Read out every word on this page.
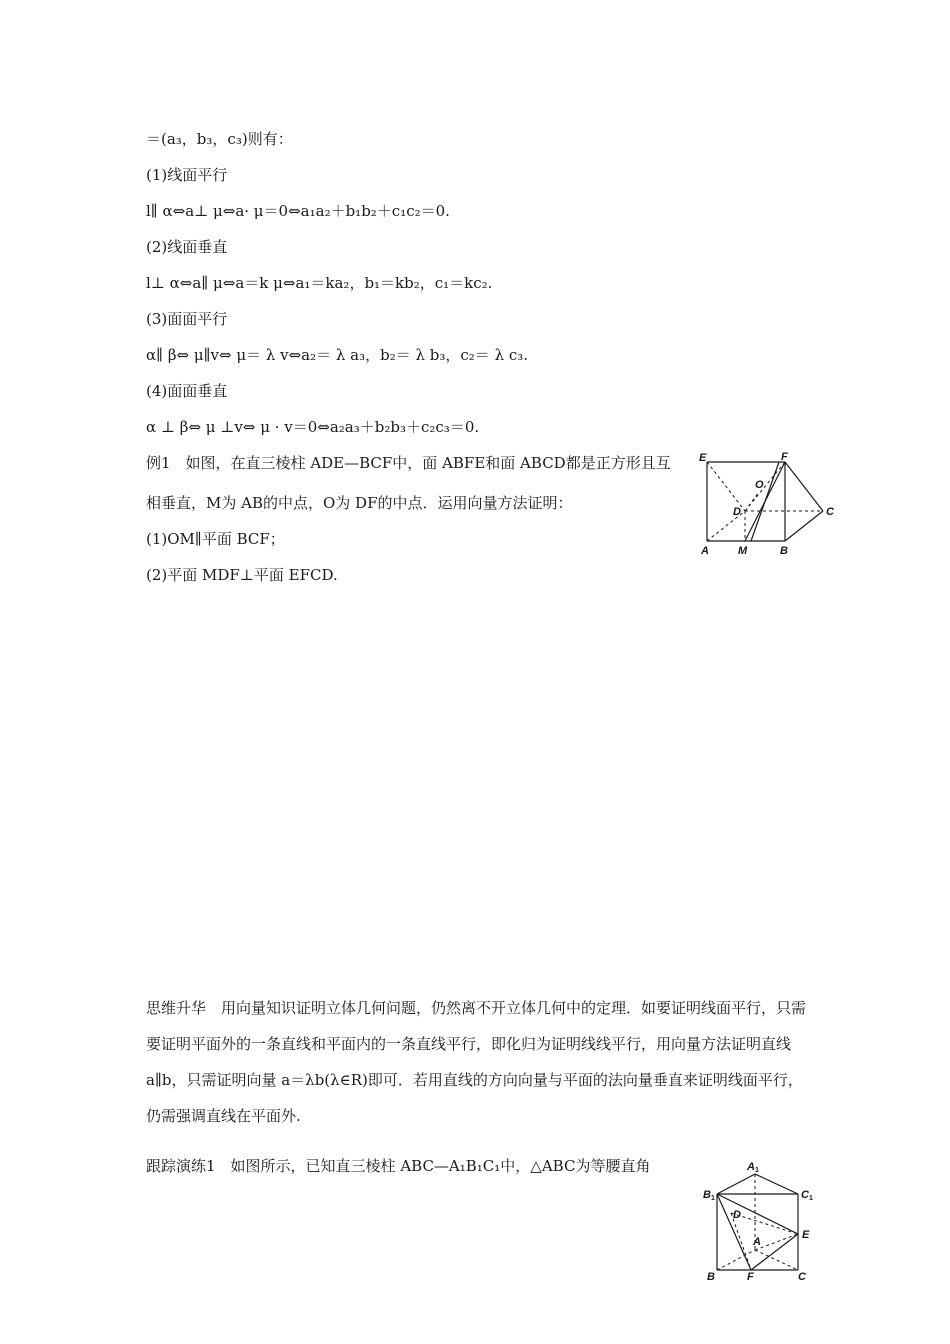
＝(a₃，b₃，c₃)则有：
(1)线面平行
l∥ α⇔a⊥ μ⇔a· μ＝0⇔a₁a₂＋b₁b₂＋c₁c₂＝0.
(2)线面垂直
l⊥ α⇔a∥ μ⇔a＝k μ⇔a₁＝ka₂，b₁＝kb₂，c₁＝kc₂.
(3)面面平行
α∥ β⇔ μ∥v⇔ μ＝ λ v⇔a₂＝ λ a₃，b₂＝ λ b₃，c₂＝ λ c₃.
(4)面面垂直
α ⊥ β⇔ μ ⊥v⇔ μ · v＝0⇔a₂a₃＋b₂b₃＋c₂c₃＝0.
例1　如图，在直三棱柱 ADE—BCF中，面 ABFE和面 ABCD都是正方形且互
相垂直，M为 AB的中点，O为 DF的中点．运用向量方法证明：
(1)OM∥平面 BCF；
(2)平面 MDF⊥平面 EFCD.
E	F
O
D	C
A	M	B
思维升华　用向量知识证明立体几何问题，仍然离不开立体几何中的定理．如要证明线面平行，只需要证明平面外的一条直线和平面内的一条直线平行，即化归为证明线线平行，用向量方法证明直线 a∥b，只需证明向量 a＝λb(λ∈R)即可．若用直线的方向向量与平面的法向量垂直来证明线面平行，仍需强调直线在平面外.
跟踪演练1　如图所示，已知直三棱柱 ABC—A₁B₁C₁中，△ABC为等腰直角	A1
B1	C1
D
E
A
B	F	C
